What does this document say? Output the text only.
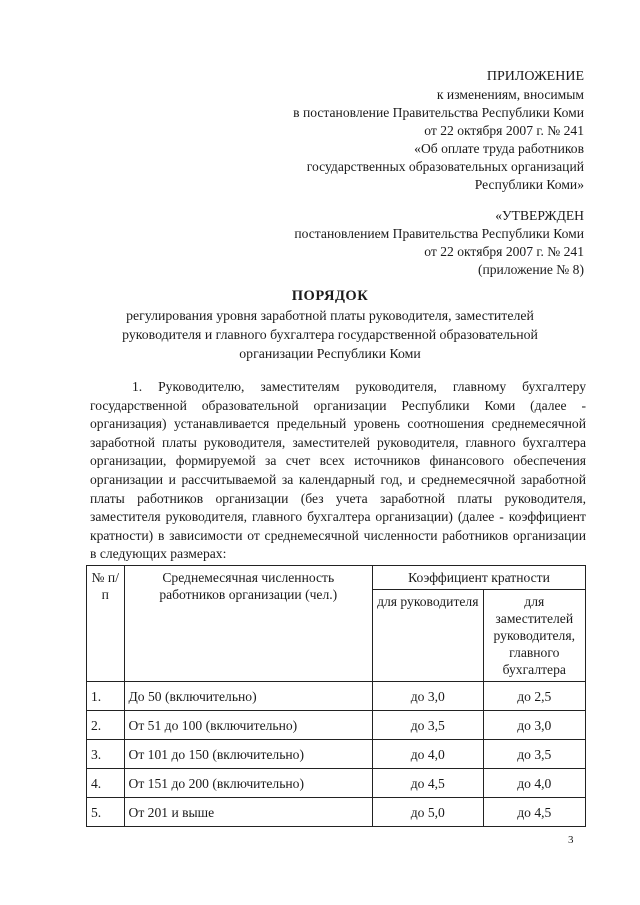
ПРИЛОЖЕНИЕ
к изменениям, вносимым
в постановление Правительства Республики Коми
от 22 октября 2007 г. № 241
«Об оплате труда работников
государственных образовательных организаций
Республики Коми»
«УТВЕРЖДЕН
постановлением Правительства Республики Коми
от 22 октября 2007 г. № 241
(приложение № 8)
ПОРЯДОК
регулирования уровня заработной платы руководителя, заместителей руководителя и главного бухгалтера государственной образовательной организации Республики Коми

1. Руководителю, заместителям руководителя, главному бухгалтеру государственной образовательной организации Республики Коми (далее - организация) устанавливается предельный уровень соотношения среднемесячной заработной платы руководителя, заместителей руководителя, главного бухгалтера организации, формируемой за счет всех источников финансового обеспечения организации и рассчитываемой за календарный год, и среднемесячной заработной платы работников организации (без учета заработной платы руководителя, заместителя руководителя, главного бухгалтера организации) (далее - коэффициент кратности) в зависимости от среднемесячной численности работников организации в следующих размерах:

№ п/п	Среднемесячная численность работников организации (чел.)	Коэффициент кратности	
		для руководителя	для заместителей руководителя, главного бухгалтера
1.	До 50 (включительно)	до 3,0	до 2,5
2.	От 51 до 100 (включительно)	до 3,5	до 3,0
3.	От 101 до 150 (включительно)	до 4,0	до 3,5
4.	От 151 до 200 (включительно)	до 4,5	до 4,0
5.	От 201 и выше	до 5,0	до 4,5
3
